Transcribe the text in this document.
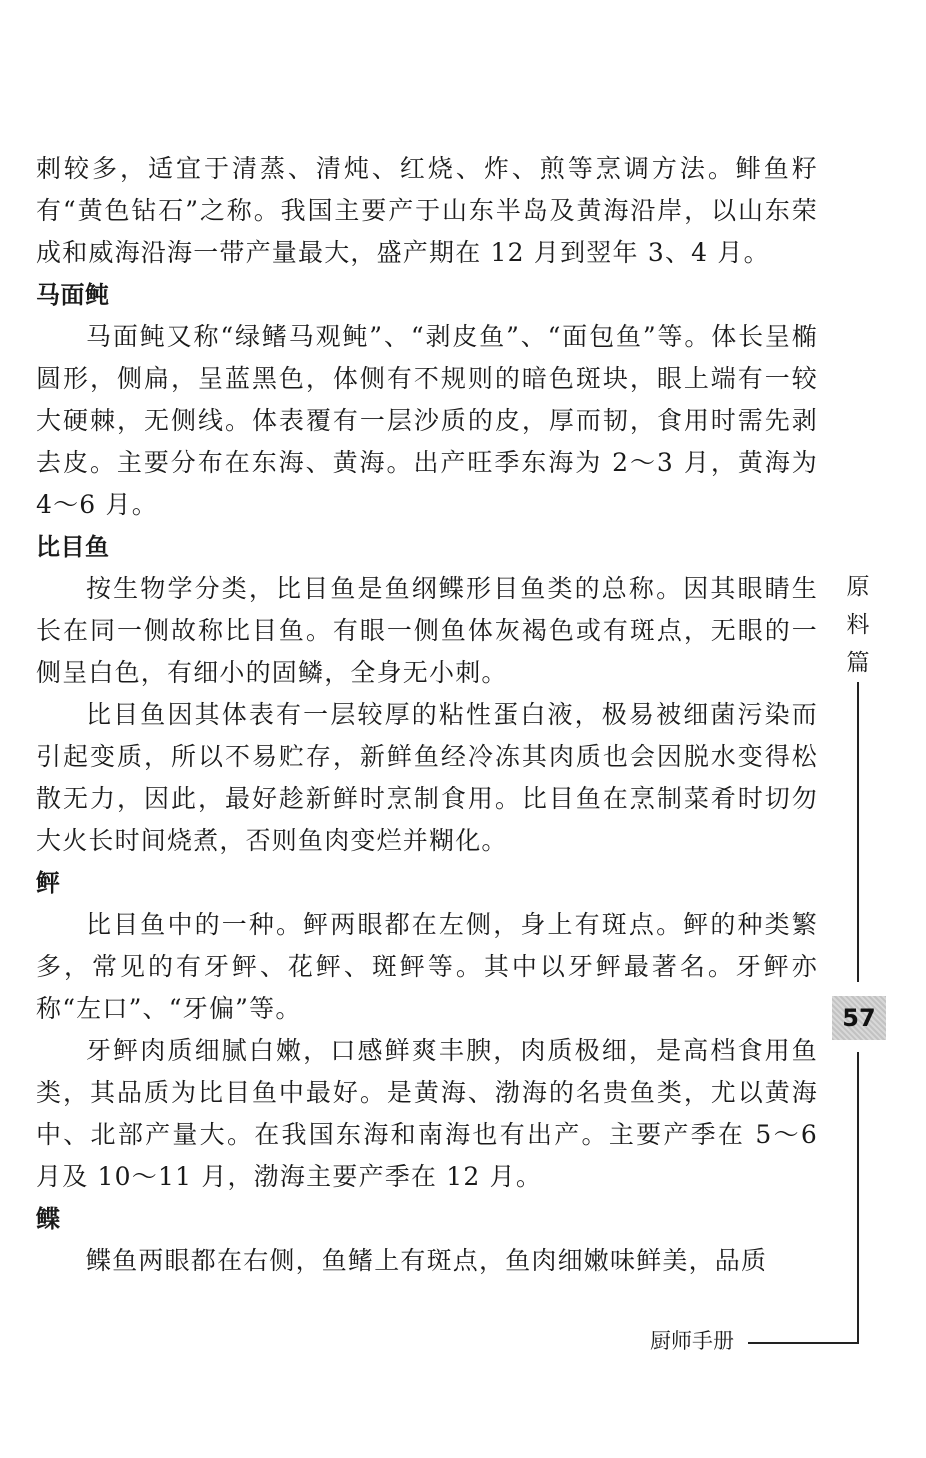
刺较多，适宜于清蒸、清炖、红烧、炸、煎等烹调方法。鲱鱼籽有“黄色钻石”之称。我国主要产于山东半岛及黄海沿岸，以山东荣成和威海沿海一带产量最大，盛产期在 12 月到翌年 3、4 月。

马面鲀

马面鲀又称“绿鳍马观鲀”、“剥皮鱼”、“面包鱼”等。体长呈椭圆形，侧扁，呈蓝黑色，体侧有不规则的暗色斑块，眼上端有一较大硬棘，无侧线。体表覆有一层沙质的皮，厚而韧，食用时需先剥去皮。主要分布在东海、黄海。出产旺季东海为 2～3 月，黄海为 4～6 月。

比目鱼

按生物学分类，比目鱼是鱼纲鲽形目鱼类的总称。因其眼睛生长在同一侧故称比目鱼。有眼一侧鱼体灰褐色或有斑点，无眼的一侧呈白色，有细小的固鳞，全身无小刺。

比目鱼因其体表有一层较厚的粘性蛋白液，极易被细菌污染而引起变质，所以不易贮存，新鲜鱼经冷冻其肉质也会因脱水变得松散无力，因此，最好趁新鲜时烹制食用。比目鱼在烹制菜肴时切勿大火长时间烧煮，否则鱼肉变烂并糊化。

鲆

比目鱼中的一种。鲆两眼都在左侧，身上有斑点。鲆的种类繁多，常见的有牙鲆、花鲆、斑鲆等。其中以牙鲆最著名。牙鲆亦称“左口”、“牙偏”等。

牙鲆肉质细腻白嫩，口感鲜爽丰腴，肉质极细，是高档食用鱼类，其品质为比目鱼中最好。是黄海、渤海的名贵鱼类，尤以黄海中、北部产量大。在我国东海和南海也有出产。主要产季在 5～6 月及 10～11 月，渤海主要产季在 12 月。

鲽

鲽鱼两眼都在右侧，鱼鳍上有斑点，鱼肉细嫩味鲜美，品质

原
料
篇
57
厨师手册
